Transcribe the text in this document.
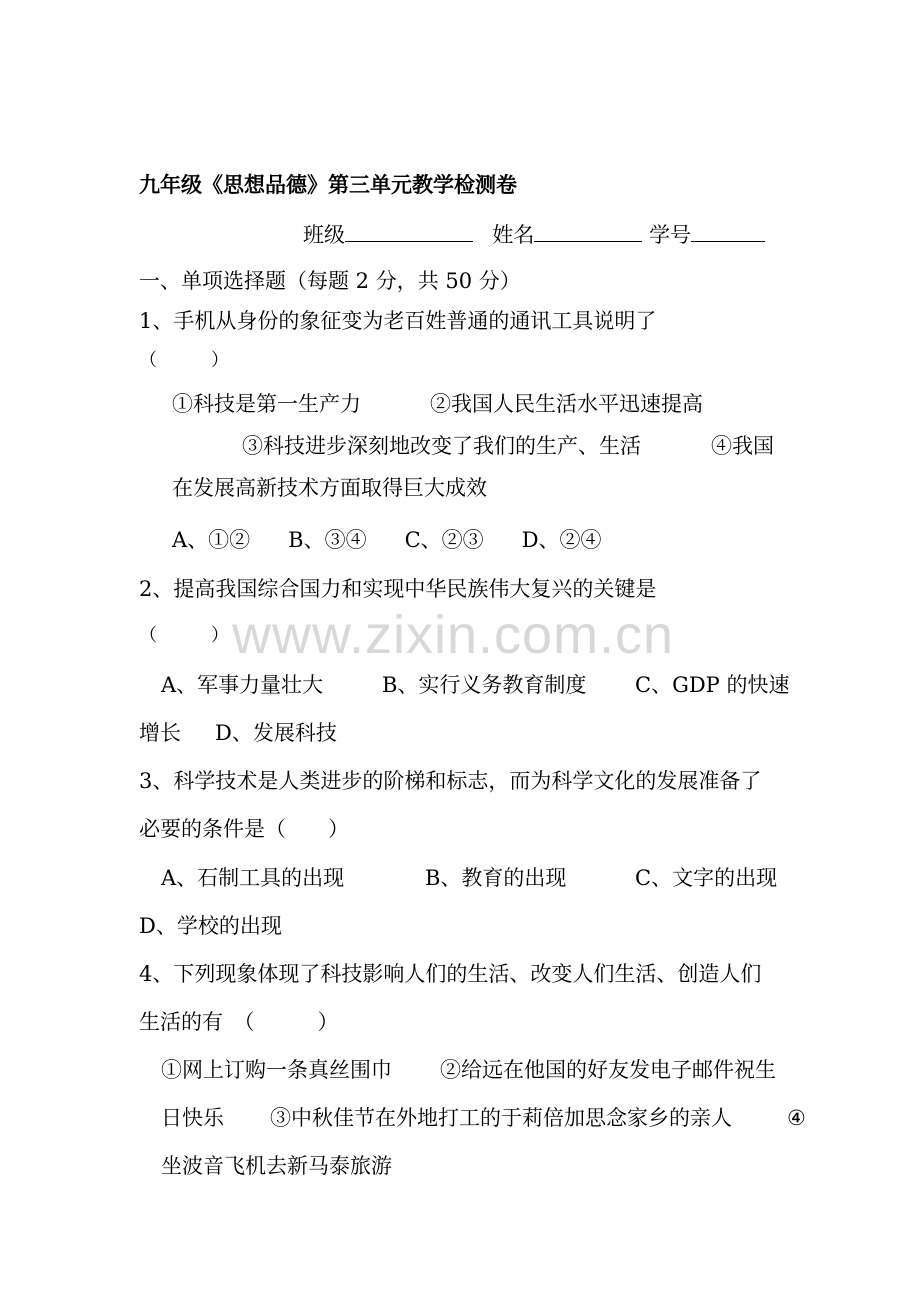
www.zixin.com.cn
九年级《思想品德》第三单元教学检测卷
班级	姓名	学号
一、单项选择题（每题 2 分，共 50 分）
1、手机从身份的象征变为老百姓普通的通讯工具说明了
（　　　）
①科技是第一生产力	②我国人民生活水平迅速提高
③科技进步深刻地改变了我们的生产、生活	④我国
在发展高新技术方面取得巨大成效
A、①② B、③④ C、②③ D、②④
2、提高我国综合国力和实现中华民族伟大复兴的关键是
（　　　）
A、军事力量壮大	B、实行义务教育制度 C、GDP 的快速
增长 D、发展科技
3、科学技术是人类进步的阶梯和标志，而为科学文化的发展准备了
必要的条件是（　　）
A、石制工具的出现	B、教育的出现	C、文字的出现
D、学校的出现
4、下列现象体现了科技影响人们的生活、改变人们生活、创造人们
生活的有　（　　　）
①网上订购一条真丝围巾 ②给远在他国的好友发电子邮件祝生
日快乐 ③中秋佳节在外地打工的于莉倍加思念家乡的亲人	④
坐波音飞机去新马泰旅游
